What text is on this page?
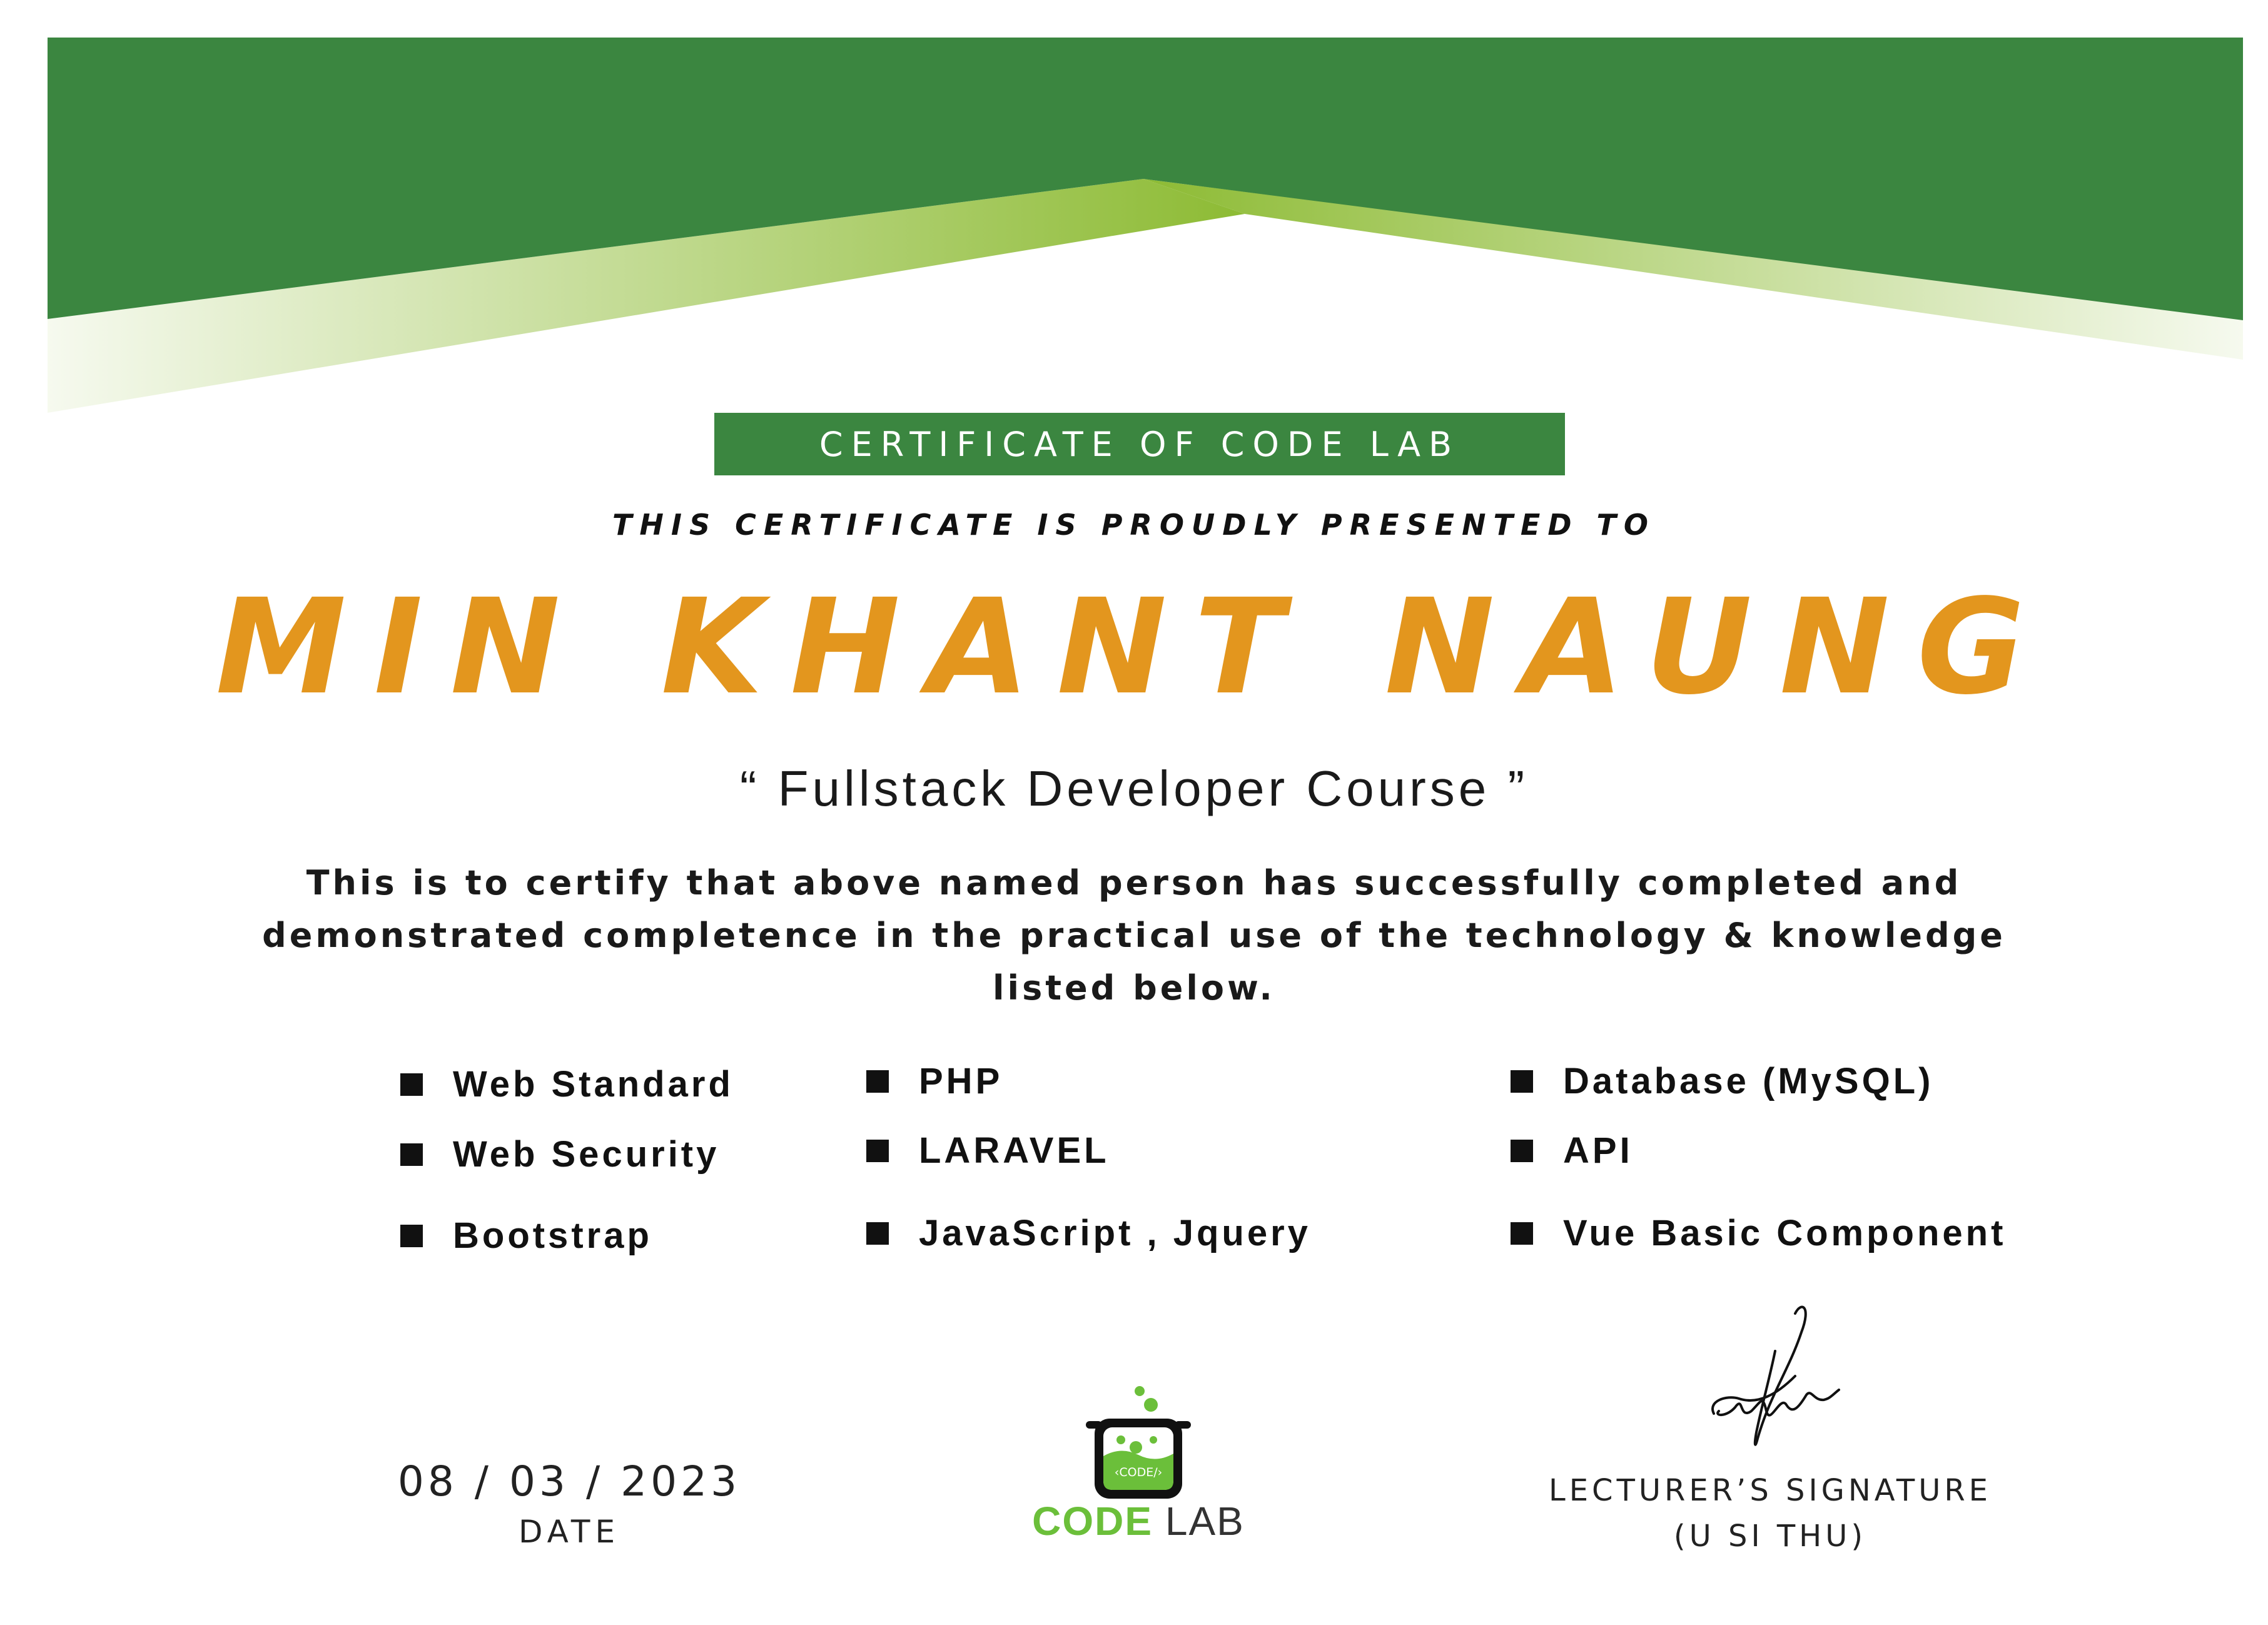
CERTIFICATE OF CODE LAB
THIS CERTIFICATE IS PROUDLY PRESENTED TO
MIN KHANT NAUNG
“ Fullstack Developer Course ”
This is to certify that above named person has successfully completed and demonstrated completence in the practical use of the technology & knowledge listed below.
Web Standard	PHP	Database (MySQL)
Web Security	LARAVEL	API
Bootstrap	JavaScript , Jquery	Vue Basic Component
08 / 03 / 2023
DATE
‹CODE/›
CODE LAB
LECTURER’S SIGNATURE
(U SI THU)
